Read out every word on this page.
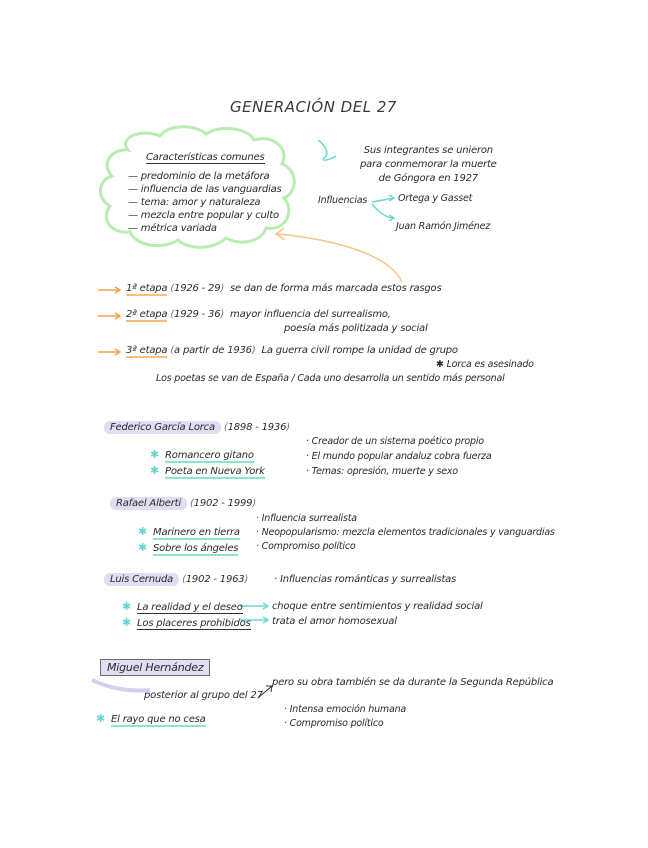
GENERACIÓN DEL 27
Características comunes
— predominio de la metáfora
— influencia de las vanguardias
— tema: amor y naturaleza
— mezcla entre popular y culto
— métrica variada
Sus integrantes se unieron
para conmemorar la muerte
de Góngora en 1927
Influencias	Ortega y Gasset
Juan Ramón Jiménez
1ª etapa (1926 - 29) se dan de forma más marcada estos rasgos
2ª etapa (1929 - 36) mayor influencia del surrealismo,
poesía más politizada y social
3ª etapa (a partir de 1936) La guerra civil rompe la unidad de grupo
✱ Lorca es asesinado
Los poetas se van de España / Cada uno desarrolla un sentido más personal
Federico García Lorca (1898 - 1936)
✱ Romancero gitano
✱ Poeta en Nueva York
· Creador de un sistema poético propio
· El mundo popular andaluz cobra fuerza
· Temas: opresión, muerte y sexo
Rafael Alberti (1902 - 1999)
✱ Marinero en tierra
✱ Sobre los ángeles
· Influencia surrealista
· Neopopularismo: mezcla elementos tradicionales y vanguardias
· Compromiso político
Luis Cernuda (1902 - 1963)
·	Influencias románticas y surrealistas
✱ La realidad y el deseo
✱ Los placeres prohibidos
choque entre sentimientos y realidad social
trata el amor homosexual
Miguel Hernández
posterior al grupo del 27
pero su obra también se da durante la Segunda República
✱ El rayo que no cesa
· Intensa emoción humana
· Compromiso político
